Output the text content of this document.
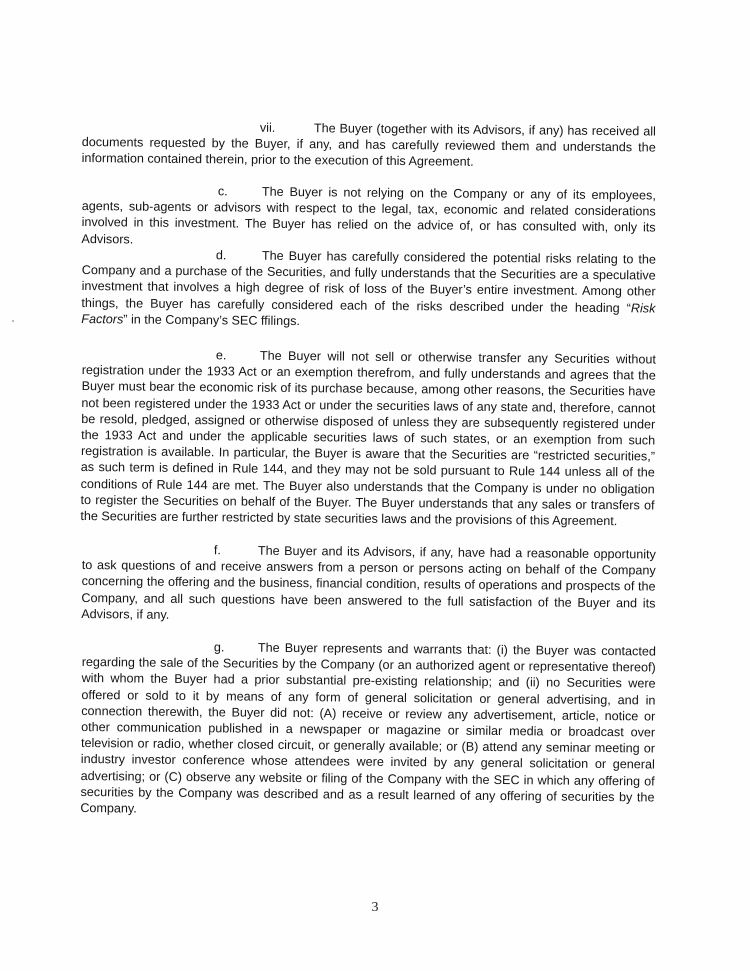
vii.	The Buyer (together with its Advisors, if any) has received all documents requested by the Buyer, if any, and has carefully reviewed them and understands the information contained therein, prior to the execution of this Agreement.
c.	The Buyer is not relying on the Company or any of its employees, agents, sub-agents or advisors with respect to the legal, tax, economic and related considerations involved in this investment. The Buyer has relied on the advice of, or has consulted with, only its Advisors.
d.	The Buyer has carefully considered the potential risks relating to the Company and a purchase of the Securities, and fully understands that the Securities are a speculative investment that involves a high degree of risk of loss of the Buyer’s entire investment. Among other things, the Buyer has carefully considered each of the risks described under the heading “Risk Factors” in the Company’s SEC ffilings.
e.	The Buyer will not sell or otherwise transfer any Securities without registration under the 1933 Act or an exemption therefrom, and fully understands and agrees that the Buyer must bear the economic risk of its purchase because, among other reasons, the Securities have not been registered under the 1933 Act or under the securities laws of any state and, therefore, cannot be resold, pledged, assigned or otherwise disposed of unless they are subsequently registered under the 1933 Act and under the applicable securities laws of such states, or an exemption from such registration is available. In particular, the Buyer is aware that the Securities are “restricted securities,” as such term is defined in Rule 144, and they may not be sold pursuant to Rule 144 unless all of the conditions of Rule 144 are met. The Buyer also understands that the Company is under no obligation to register the Securities on behalf of the Buyer. The Buyer understands that any sales or transfers of the Securities are further restricted by state securities laws and the provisions of this Agreement.
f.	The Buyer and its Advisors, if any, have had a reasonable opportunity to ask questions of and receive answers from a person or persons acting on behalf of the Company concerning the offering and the business, financial condition, results of operations and prospects of the Company, and all such questions have been answered to the full satisfaction of the Buyer and its Advisors, if any.
g.	The Buyer represents and warrants that: (i) the Buyer was contacted regarding the sale of the Securities by the Company (or an authorized agent or representative thereof) with whom the Buyer had a prior substantial pre-existing relationship; and (ii) no Securities were offered or sold to it by means of any form of general solicitation or general advertising, and in connection therewith, the Buyer did not: (A) receive or review any advertisement, article, notice or other communication published in a newspaper or magazine or similar media or broadcast over television or radio, whether closed circuit, or generally available; or (B) attend any seminar meeting or industry investor conference whose attendees were invited by any general solicitation or general advertising; or (C) observe any website or filing of the Company with the SEC in which any offering of securities by the Company was described and as a result learned of any offering of securities by the Company.
3
